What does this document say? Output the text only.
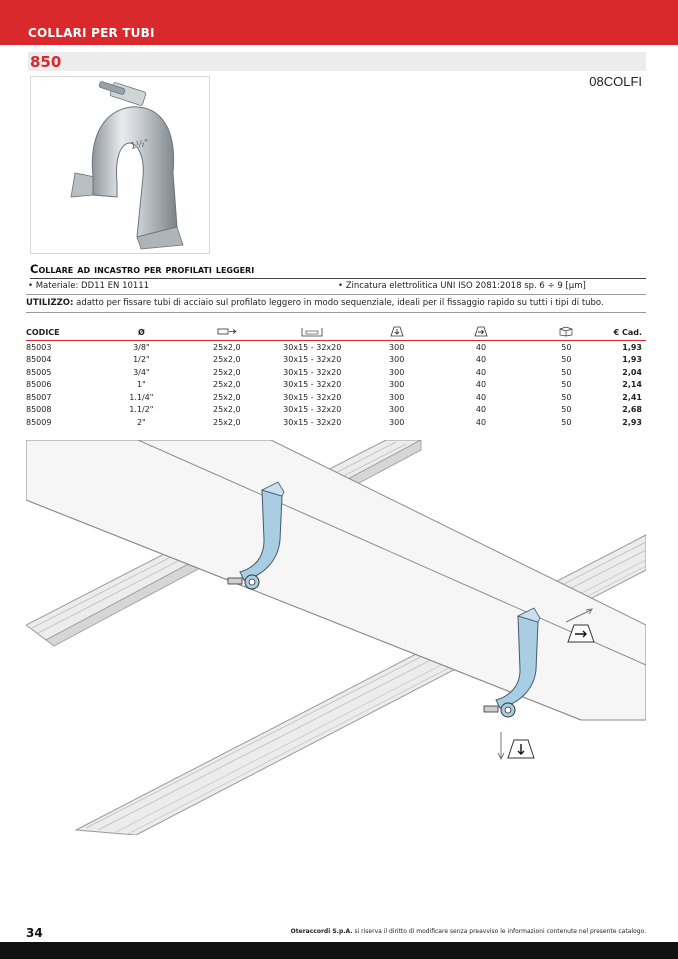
COLLARI PER TUBI
850
08COLFI
1½"
Collare ad incastro per profilati leggeri
• Materiale: DD11 EN 10111	• Zincatura elettrolitica UNI ISO 2081:2018 sp. 6 ÷ 9 [µm]
UTILIZZO: adatto per fissare tubi di acciaio sul profilato leggero in modo sequenziale, ideali per il fissaggio rapido su tutti i tipi di tubo.
CODICE	Ø						€ Cad.
85003	3/8"	25x2,0	30x15 - 32x20	300	40	50	1,93
85004	1/2"	25x2,0	30x15 - 32x20	300	40	50	1,93
85005	3/4"	25x2,0	30x15 - 32x20	300	40	50	2,04
85006	1"	25x2,0	30x15 - 32x20	300	40	50	2,14
85007	1.1/4"	25x2,0	30x15 - 32x20	300	40	50	2,41
85008	1.1/2"	25x2,0	30x15 - 32x20	300	40	50	2,68
85009	2"	25x2,0	30x15 - 32x20	300	40	50	2,93
34	Oteraccordi S.p.A. si riserva il diritto di modificare senza preavviso le informazioni contenute nel presente catalogo.
